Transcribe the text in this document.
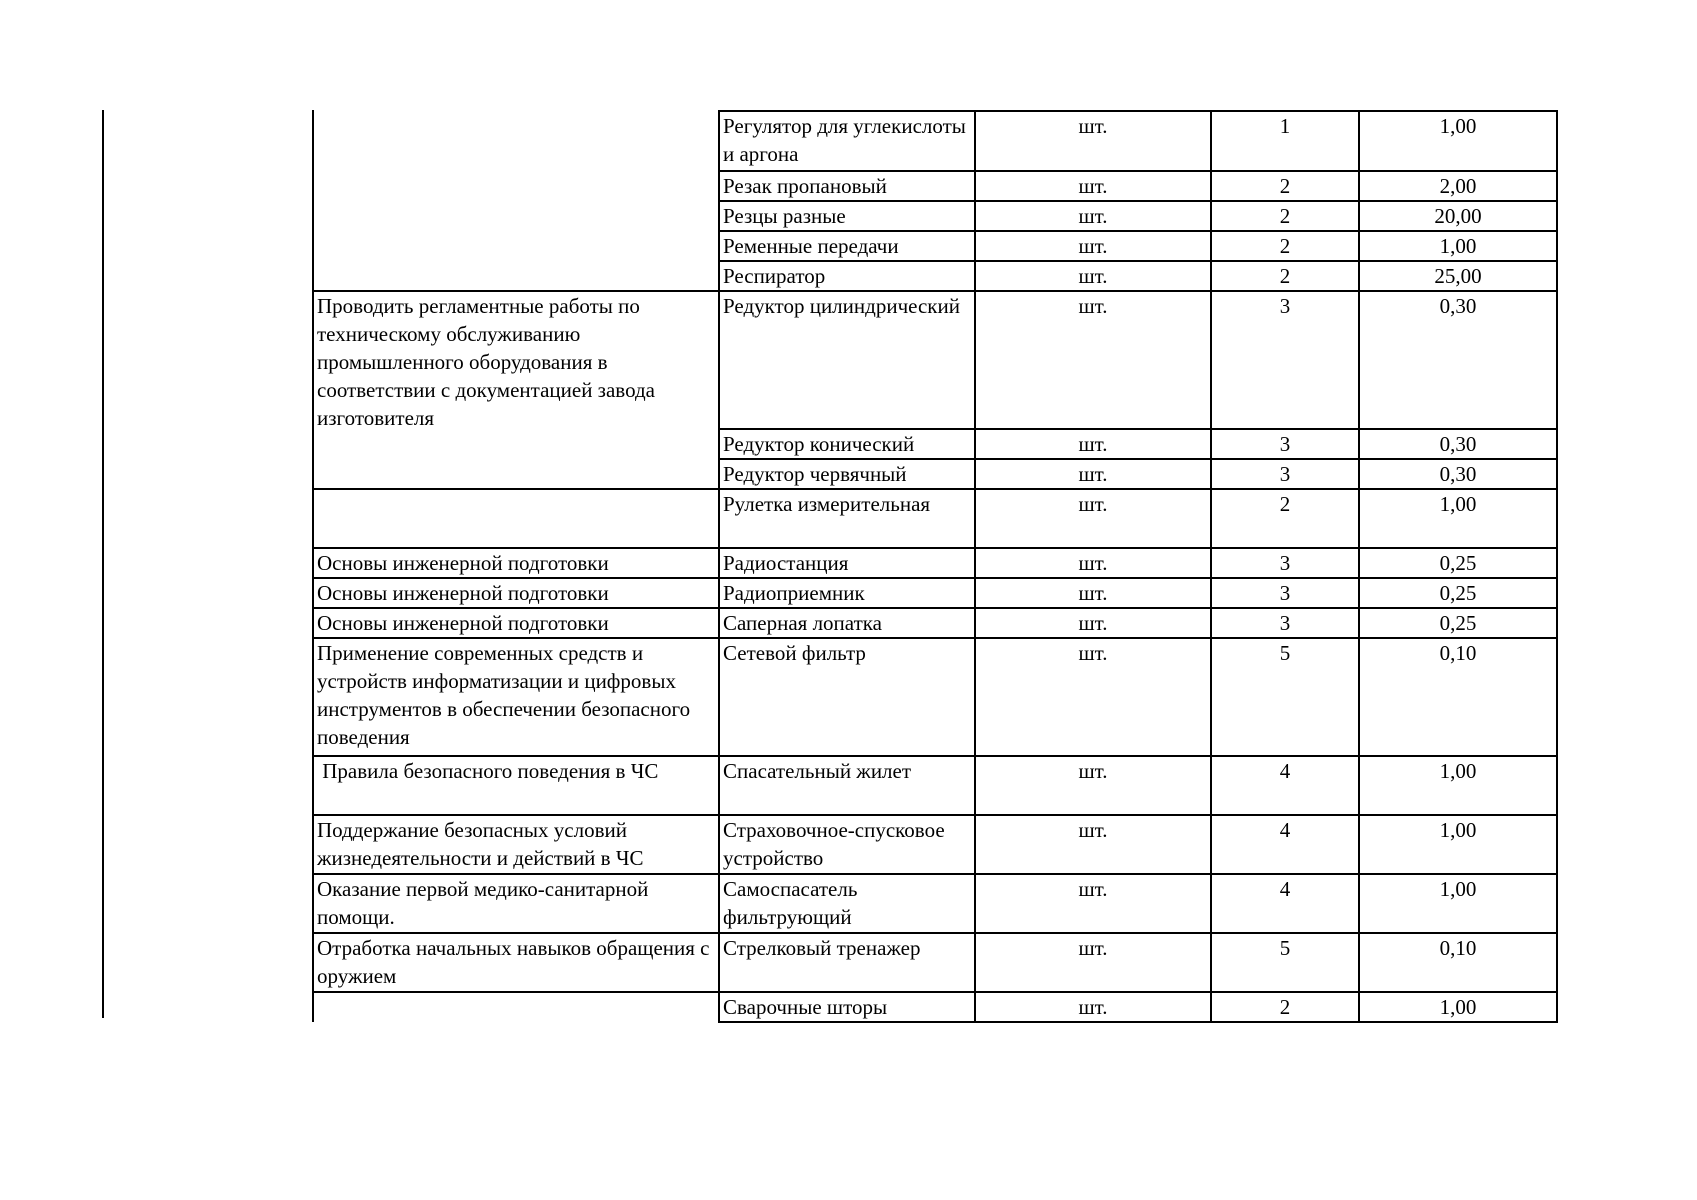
	Регулятор для углекислоты и аргона	шт.	1	1,00
	Резак пропановый	шт.	2	2,00
	Резцы разные	шт.	2	20,00
	Ременные передачи	шт.	2	1,00
	Респиратор	шт.	2	25,00
Проводить регламентные работы по техническому обслуживанию промышленного оборудования в соответствии с документацией завода изготовителя	Редуктор цилиндрический	шт.	3	0,30
	Редуктор конический	шт.	3	0,30
	Редуктор червячный	шт.	3	0,30
	Рулетка измерительная	шт.	2	1,00
Основы инженерной подготовки	Радиостанция	шт.	3	0,25
Основы инженерной подготовки	Радиоприемник	шт.	3	0,25
Основы инженерной подготовки	Саперная лопатка	шт.	3	0,25
Применение современных средств и устройств информатизации и цифровых инструментов в обеспечении безопасного поведения	Сетевой фильтр	шт.	5	0,10
Правила безопасного поведения в ЧС	Спасательный жилет	шт.	4	1,00
Поддержание безопасных условий жизнедеятельности и действий в ЧС	Страховочное-спусковое устройство	шт.	4	1,00
Оказание первой медико-санитарной помощи.	Самоспасатель фильтрующий	шт.	4	1,00
Отработка начальных навыков обращения с оружием	Стрелковый тренажер	шт.	5	0,10
	Сварочные шторы	шт.	2	1,00
